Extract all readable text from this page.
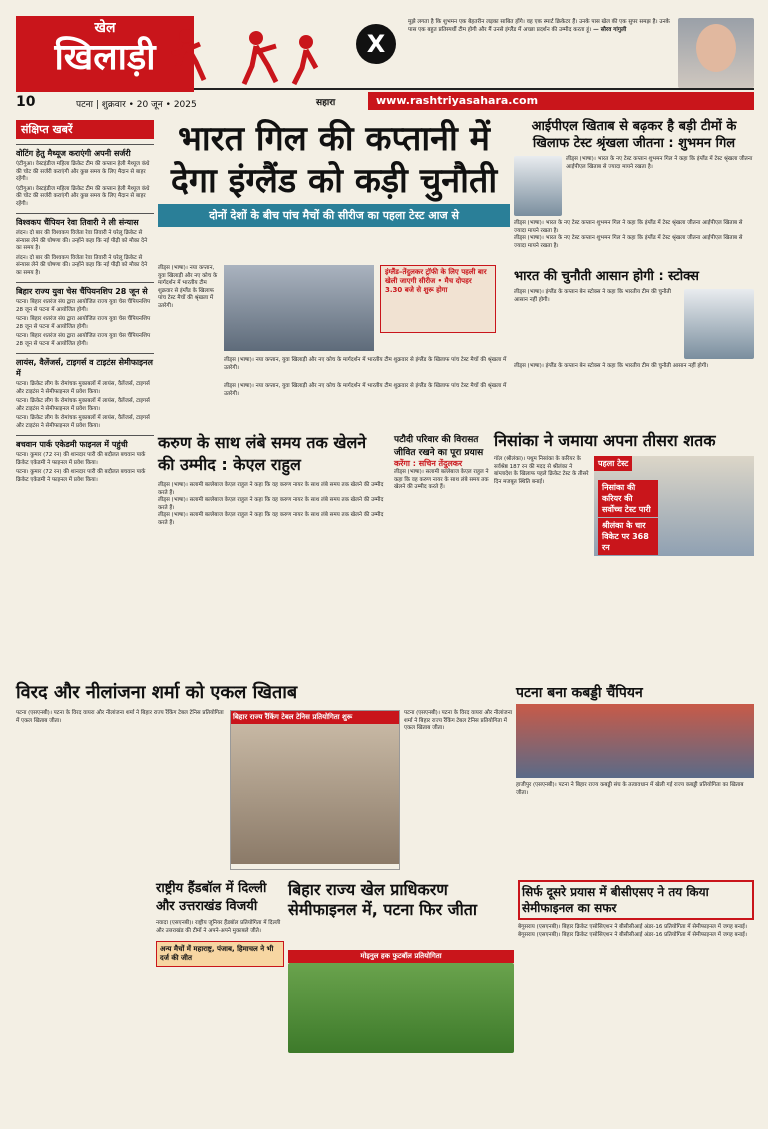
खेल
खिलाड़ी	X
मुझे लगता है कि शुभमन एक बेहतरीन लड़का साबित होंगे। वह एक स्मार्ट क्रिकेटर हैं। उनके पास खेल की एक सुपर समझ है। उनके पास एक बहुत प्रतिस्पर्धी टीम होगी और मैं उनसे इंग्लैंड में अच्छा प्रदर्शन की उम्मीद करता हूं। — सौरव गांगुली
10	पटना | शुक्रवार • 20 जून • 2025	सहारा	www.rashtriyasahara.com
संक्षिप्त खबरें
वोटिंग हेतु मैथ्यूज कराएंगी अपनी सर्जरी
एंटीगुआ। वेस्टइंडीज महिला क्रिकेट टीम की कप्तान हेली मैथ्यूज कंधे की चोट की सर्जरी कराएंगी और कुछ समय के लिए मैदान से बाहर रहेंगी।
एंटीगुआ। वेस्टइंडीज महिला क्रिकेट टीम की कप्तान हेली मैथ्यूज कंधे की चोट की सर्जरी कराएंगी और कुछ समय के लिए मैदान से बाहर रहेंगी।
विश्वकप चैंपियन रेवा तिवारी ने ली संन्यास
लंदन। दो बार की विश्वकप विजेता रेवा तिवारी ने घरेलू क्रिकेट से संन्यास लेने की घोषणा की। उन्होंने कहा कि नई पीढ़ी को मौका देने का समय है।
लंदन। दो बार की विश्वकप विजेता रेवा तिवारी ने घरेलू क्रिकेट से संन्यास लेने की घोषणा की। उन्होंने कहा कि नई पीढ़ी को मौका देने का समय है।
बिहार राज्य युवा चेस चैंपियनशिप 28 जून से
पटना। बिहार शतरंज संघ द्वारा आयोजित राज्य युवा चेस चैंपियनशिप 28 जून से पटना में आयोजित होगी।
पटना। बिहार शतरंज संघ द्वारा आयोजित राज्य युवा चेस चैंपियनशिप 28 जून से पटना में आयोजित होगी।
पटना। बिहार शतरंज संघ द्वारा आयोजित राज्य युवा चेस चैंपियनशिप 28 जून से पटना में आयोजित होगी।
लायंस, वैलेंजर्स, टाइगर्स व टाइटंस सेमीफाइनल में
पटना। क्रिकेट लीग के रोमांचक मुकाबलों में लायंस, वैलेंजर्स, टाइगर्स और टाइटंस ने सेमीफाइनल में प्रवेश किया।
पटना। क्रिकेट लीग के रोमांचक मुकाबलों में लायंस, वैलेंजर्स, टाइगर्स और टाइटंस ने सेमीफाइनल में प्रवेश किया।
पटना। क्रिकेट लीग के रोमांचक मुकाबलों में लायंस, वैलेंजर्स, टाइगर्स और टाइटंस ने सेमीफाइनल में प्रवेश किया।
बचवान पार्क एकेडमी फाइनल में पहुंची
पटना। कुमार (72 रन) की शानदार पारी की बदौलत बचवान पार्क क्रिकेट एकेडमी ने फाइनल में प्रवेश किया।
पटना। कुमार (72 रन) की शानदार पारी की बदौलत बचवान पार्क क्रिकेट एकेडमी ने फाइनल में प्रवेश किया।
भारत गिल की कप्तानी में देगा इंग्लैंड को कड़ी चुनौती
दोनों देशों के बीच पांच मैचों की सीरीज का पहला टेस्ट आज से
लीड्स (भाषा)। नया कप्तान, युवा खिलाड़ी और नए कोच के मार्गदर्शन में भारतीय टीम शुक्रवार से इंग्लैंड के खिलाफ पांच टेस्ट मैचों की श्रृंखला में उतरेगी।
इंग्लैंड–तेंदुलकर ट्रॉफी के लिए पहली बार खेली जाएगी सीरीज • मैच दोपहर 3.30 बजे से शुरू होगा
लीड्स (भाषा)। नया कप्तान, युवा खिलाड़ी और नए कोच के मार्गदर्शन में भारतीय टीम शुक्रवार से इंग्लैंड के खिलाफ पांच टेस्ट मैचों की श्रृंखला में उतरेगी।
लीड्स (भाषा)। नया कप्तान, युवा खिलाड़ी और नए कोच के मार्गदर्शन में भारतीय टीम शुक्रवार से इंग्लैंड के खिलाफ पांच टेस्ट मैचों की श्रृंखला में उतरेगी।
आईपीएल खिताब से बढ़कर है बड़ी टीमों के खिलाफ टेस्ट श्रृंखला जीतना : शुभमन गिल
लीड्स (भाषा)। भारत के नए टेस्ट कप्तान शुभमन गिल ने कहा कि इंग्लैंड में टेस्ट श्रृंखला जीतना आईपीएल खिताब से ज्यादा मायने रखता है।
लीड्स (भाषा)। भारत के नए टेस्ट कप्तान शुभमन गिल ने कहा कि इंग्लैंड में टेस्ट श्रृंखला जीतना आईपीएल खिताब से ज्यादा मायने रखता है।
लीड्स (भाषा)। भारत के नए टेस्ट कप्तान शुभमन गिल ने कहा कि इंग्लैंड में टेस्ट श्रृंखला जीतना आईपीएल खिताब से ज्यादा मायने रखता है।
भारत की चुनौती आसान होगी : स्टोक्स
लीड्स (भाषा)। इंग्लैंड के कप्तान बेन स्टोक्स ने कहा कि भारतीय टीम की चुनौती आसान नहीं होगी।
लीड्स (भाषा)। इंग्लैंड के कप्तान बेन स्टोक्स ने कहा कि भारतीय टीम की चुनौती आसान नहीं होगी।
करुण के साथ लंबे समय तक खेलने की उम्मीद : केएल राहुल
लीड्स (भाषा)। सलामी बल्लेबाज केएल राहुल ने कहा कि वह करुण नायर के साथ लंबे समय तक खेलने की उम्मीद करते हैं।
लीड्स (भाषा)। सलामी बल्लेबाज केएल राहुल ने कहा कि वह करुण नायर के साथ लंबे समय तक खेलने की उम्मीद करते हैं।
लीड्स (भाषा)। सलामी बल्लेबाज केएल राहुल ने कहा कि वह करुण नायर के साथ लंबे समय तक खेलने की उम्मीद करते हैं।
पटौदी परिवार की विरासत जीवित रखने का पूरा प्रयास
करेंगा : सचिन तेंदुलकर
लीड्स (भाषा)। सलामी बल्लेबाज केएल राहुल ने कहा कि वह करुण नायर के साथ लंबे समय तक खेलने की उम्मीद करते हैं।
निसांका ने जमाया अपना तीसरा शतक
गॉल (श्रीलंका)। पथुम निसांका के करियर के सर्वश्रेष्ठ 187 रन की मदद से श्रीलंका ने बांग्लादेश के खिलाफ पहले क्रिकेट टेस्ट के तीसरे दिन मजबूत स्थिति बनाई।
पहला टेस्ट
निसांका की करियर की सर्वोच्च टेस्ट पारी
श्रीलंका के चार विकेट पर 368 रन
विरद और नीलांजना शर्मा को एकल खिताब
पटना (एसएनबी)। पटना के विरद वायरा और नीलांजना शर्मा ने बिहार राज्य रैंकिंग टेबल टेनिस प्रतियोगिता में एकल खिताब जीता।	बिहार राज्य रैंकिंग टेबल टेनिस प्रतियोगिता शुरू	पटना (एसएनबी)। पटना के विरद वायरा और नीलांजना शर्मा ने बिहार राज्य रैंकिंग टेबल टेनिस प्रतियोगिता में एकल खिताब जीता।
पटना बना कबड्डी चैंपियन
हाजीपुर (एसएनबी)। पटना ने बिहार राज्य कबड्डी संघ के तत्वावधान में खेली गई राज्य कबड्डी प्रतियोगिता का खिताब जीता।
राष्ट्रीय हैंडबॉल में दिल्ली और उत्तराखंड विजयी
नवादा (एसएनबी)। राष्ट्रीय जूनियर हैंडबॉल प्रतियोगिता में दिल्ली और उत्तराखंड की टीमों ने अपने-अपने मुकाबले जीते।
अन्य मैचों में महाराष्ट्र, पंजाब, हिमाचल ने भी दर्ज की जीत
बिहार राज्य खेल प्राधिकरण सेमीफाइनल में, पटना फिर जीता
मोइनुल हक फुटबॉल प्रतियोगिता
सिर्फ दूसरे प्रयास में बीसीएसए ने तय किया सेमीफाइनल का सफर
बेगूसराय (एसएनबी)। बिहार क्रिकेट एसोसिएशन ने बीसीसीआई अंडर-16 प्रतियोगिता में सेमीफाइनल में जगह बनाई।
बेगूसराय (एसएनबी)। बिहार क्रिकेट एसोसिएशन ने बीसीसीआई अंडर-16 प्रतियोगिता में सेमीफाइनल में जगह बनाई।
